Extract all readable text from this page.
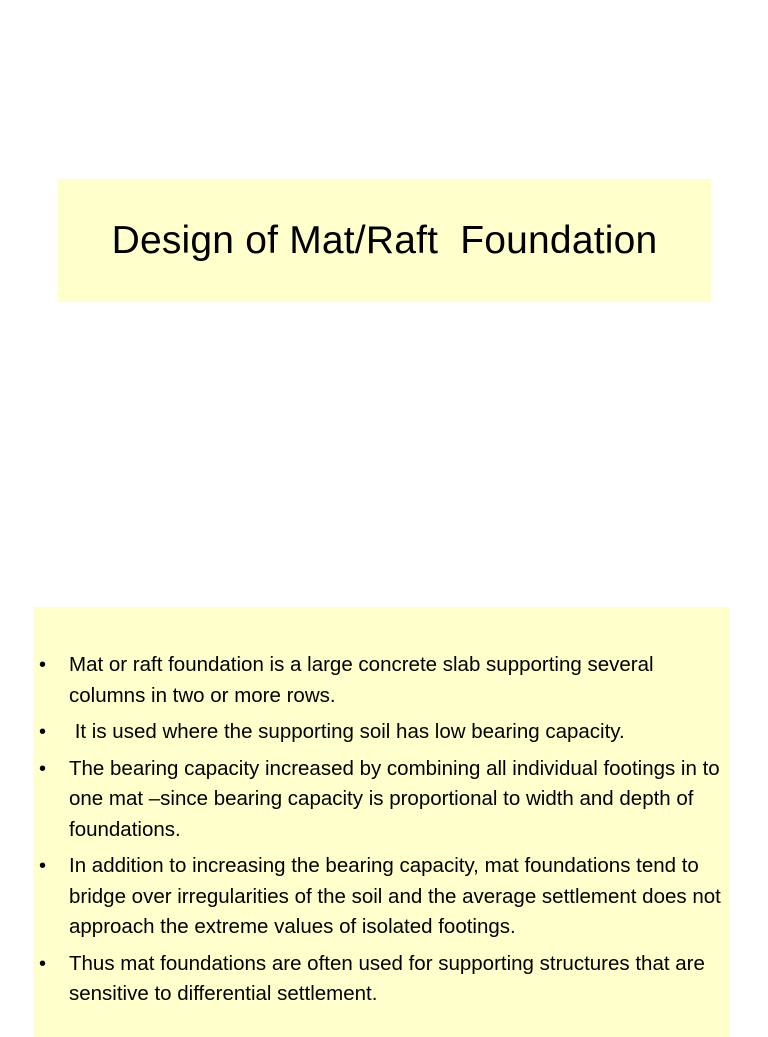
Design of Mat/Raft  Foundation
• Mat or raft foundation is a large concrete slab supporting several columns in two or more rows.
• It is used where the supporting soil has low bearing capacity.
• The bearing capacity increased by combining all individual footings in to one mat –since bearing capacity is proportional to width and depth of foundations.
• In addition to increasing the bearing capacity, mat foundations tend to bridge over irregularities of the soil and the average settlement does not approach the extreme values of isolated footings.
• Thus mat foundations are often used for supporting structures that are sensitive to differential settlement.
